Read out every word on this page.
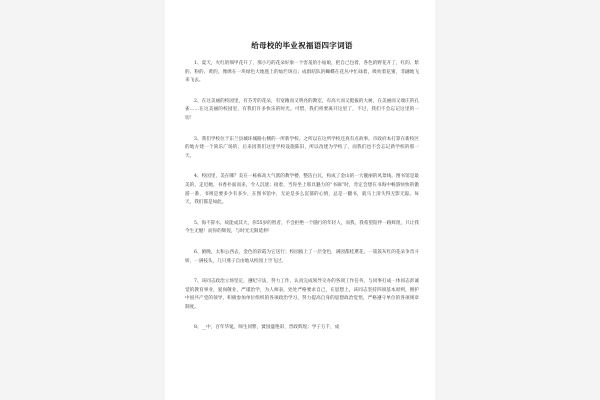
给母校的毕业祝福语四字词语

1、夏天，火红的细甲花开了，那小巧的花朵好象一个害羞的小姑娘，把自己包着，各色的野花开了，红的、紫的、粉的、黄的，像绣在一块绿色大地毯上的灿烂斑点；成群结队的蝴蝶在花丛中忙碌着，吸吮着花蜜，非翩地飞来飞去。

2、在这美丽的校园里，有芬芳的花朵，有宽敞而又明亮的教室，有高大而又挺拔的大树，在美丽而又端庄的孔雀……在这美丽的校园里，有我们许多快乐的时光。可惜，我们将要离开这里了，不过，我们不会忘记这里的一切！

3、我们学校位于东兰县城环城路右侧的一所新学校。之所以在这所学校还真有点故事。市政府本打算在新校区的地方建一个简乐广场的；后来因我们这里学校设施陈旧，所以改建为学校了，而我们也不会忘记新学校的那一天。

4、校园里，美在哪？美在一栋栋高大气派的教学楼，整洁白瓦，构成了金山的一大靓丽的风景线。图书馆是最美的，走近她，书香扑面而来，令人沉迷；接着，当你坐上那具魅力的“书廊”时，肯定会想在书海中畅游快快的傲游一番，书则是要多少有多少，在图书馆中，无论是多么沉郁的心情，总是一翻书，就马上清失得无影无踪。每天，我们都是如此。

5、海不辞水，故能成其大，你55岁的智者，不会拒绝一个随行的年轻人，而我，我希望陪伴一路辉煌，只让我今生无憾！而你的辉煌，与时光无限延伸！

6、俯晚，太和公西去，金色的彩霞为它送行；校园披上了一层金色，满园都桂熏花，一簇簇灰红的花朵争奇斗妍，一满枝头，几只燕子自由地从校园上空飞过。

7、该同志政治立场坚定，遵纪守法，努力工作，认真完成领导交办的各项工作任务，与同事打成一体同志彭诚觉的教育事业，爱岗敬业，严谨治学，为人师表，处处严格要求自己，在思想上，该同志坚持四项基本原则，拥护中国共产党的领导，积极参加单位组织的各项政治学习，努力提高自身的思想政治觉悟，严格遵守单位的各项规章制度。

8、__中，百年华诞，师生同繁，黉园盛艳彩，晋政辉煌；学子万千，成
